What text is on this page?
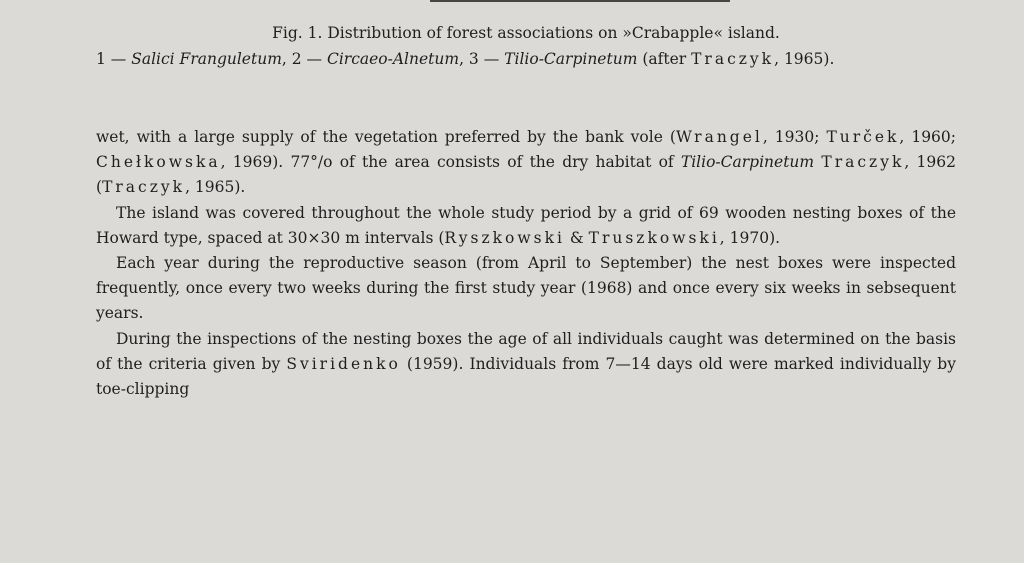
Fig. 1. Distribution of forest associations on »Crabapple« island.
1 — Salici Franguletum, 2 — Circaeo-Alnetum, 3 — Tilio-Carpinetum (after Traczyk, 1965).

wet, with a large supply of the vegetation preferred by the bank vole (Wrangel, 1930; Turček, 1960; Chełkowska, 1969). 77°/o of the area consists of the dry habitat of Tilio-Carpinetum Traczyk, 1962 (Traczyk, 1965).

The island was covered throughout the whole study period by a grid of 69 wooden nesting boxes of the Howard type, spaced at 30×30 m intervals (Ryszkowski & Truszkowski, 1970).

Each year during the reproductive season (from April to September) the nest boxes were inspected frequently, once every two weeks during the first study year (1968) and once every six weeks in sebsequent years.

During the inspections of the nesting boxes the age of all individuals caught was determined on the basis of the criteria given by Sviridenko (1959). Individuals from 7—14 days old were marked individually by toe-clipping
